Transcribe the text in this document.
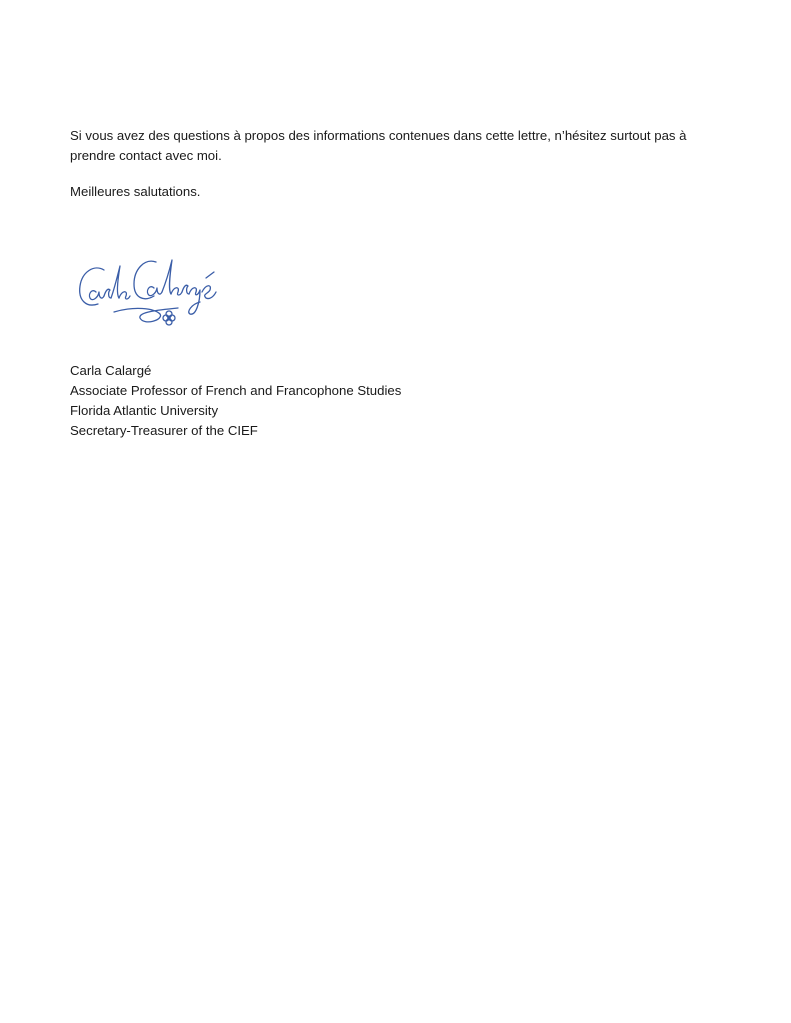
Si vous avez des questions à propos des informations contenues dans cette lettre, n’hésitez surtout pas à prendre contact avec moi.

Meilleures salutations.

Carla Calargé
Associate Professor of French and Francophone Studies
Florida Atlantic University
Secretary-Treasurer of the CIEF
